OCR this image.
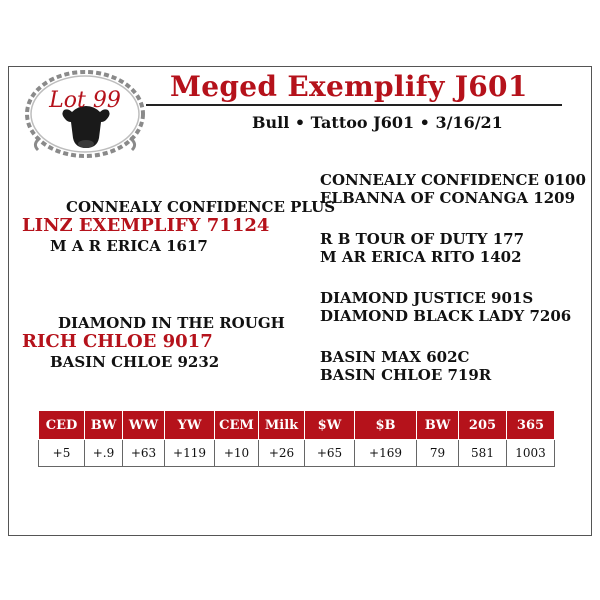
Lot 99	Meged Exemplify J601
Bull • Tattoo J601 • 3/16/21
CONNEALY CONFIDENCE PLUS
LINZ EXEMPLIFY 71124
M A R ERICA 1617
DIAMOND IN THE ROUGH
RICH CHLOE 9017
BASIN CHLOE 9232
CONNEALY CONFIDENCE 0100
ELBANNA OF CONANGA 1209
R B TOUR OF DUTY 177
M AR ERICA RITO 1402
DIAMOND JUSTICE 901S
DIAMOND BLACK LADY 7206
BASIN MAX 602C
BASIN CHLOE 719R
CED	BW	WW	YW	CEM	Milk	$W	$B	BW	205	365
+5	+.9	+63	+119	+10	+26	+65	+169	79	581	1003
